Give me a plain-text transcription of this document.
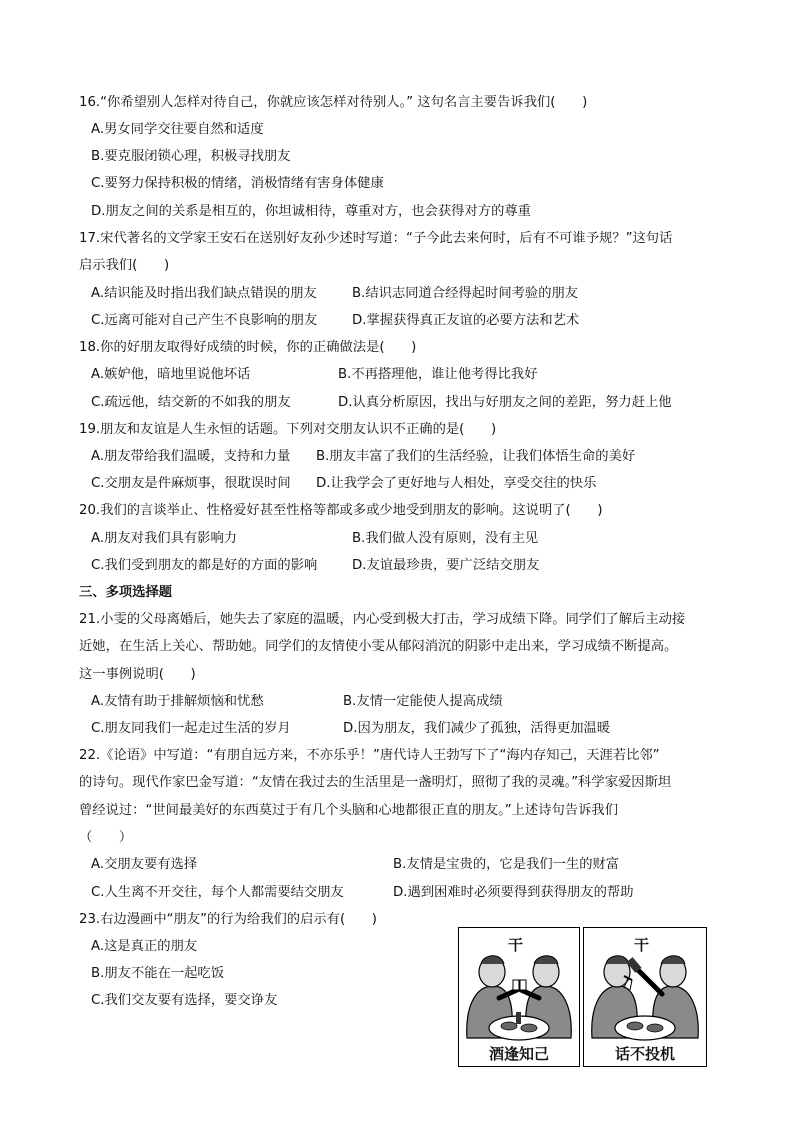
16.“你希望别人怎样对待自己，你就应该怎样对待别人。” 这句名言主要告诉我们(　　)
A.男女同学交往要自然和适度
B.要克服闭锁心理，积极寻找朋友
C.要努力保持积极的情绪，消极情绪有害身体健康
D.朋友之间的关系是相互的，你坦诚相待，尊重对方，也会获得对方的尊重
17.宋代著名的文学家王安石在送别好友孙少述时写道：“子今此去来何时，后有不可谁予规？”这句话
启示我们(　　)
A.结识能及时指出我们缺点错误的朋友	B.结识志同道合经得起时间考验的朋友
C.远离可能对自己产生不良影响的朋友	D.掌握获得真正友谊的必要方法和艺术
18.你的好朋友取得好成绩的时候，你的正确做法是(　　)
A.嫉妒他，暗地里说他坏话	B.不再搭理他，谁让他考得比我好
C.疏远他，结交新的不如我的朋友	D.认真分析原因，找出与好朋友之间的差距，努力赶上他
19.朋友和友谊是人生永恒的话题。下列对交朋友认识不正确的是(　　)
A.朋友带给我们温暖，支持和力量 B.朋友丰富了我们的生活经验，让我们体悟生命的美好
C.交朋友是件麻烦事，很耽误时间 D.让我学会了更好地与人相处，享受交往的快乐
20.我们的言谈举止、性格爱好甚至性格等都或多或少地受到朋友的影响。这说明了(　　)
A.朋友对我们具有影响力	B.我们做人没有原则，没有主见
C.我们受到朋友的都是好的方面的影响	D.友谊最珍贵，要广泛结交朋友
三、多项选择题
21.小雯的父母离婚后，她失去了家庭的温暖，内心受到极大打击，学习成绩下降。同学们了解后主动接
近她，在生活上关心、帮助她。同学们的友情使小雯从郁闷消沉的阴影中走出来，学习成绩不断提高。
这一事例说明(　　)
A.友情有助于排解烦恼和忧愁	B.友情一定能使人提高成绩
C.朋友同我们一起走过生活的岁月	D.因为朋友，我们减少了孤独，活得更加温暖
22.《论语》中写道：“有朋自远方来，不亦乐乎！”唐代诗人王勃写下了“海内存知己，天涯若比邻”
的诗句。现代作家巴金写道：“友情在我过去的生活里是一盏明灯，照彻了我的灵魂。”科学家爱因斯坦
曾经说过：“世间最美好的东西莫过于有几个头脑和心地都很正直的朋友。”上述诗句告诉我们
（　　）
A.交朋友要有选择	B.友情是宝贵的，它是我们一生的财富
C.人生离不开交往，每个人都需要结交朋友	D.遇到困难时必须要得到获得朋友的帮助
23.右边漫画中“朋友”的行为给我们的启示有(　　)
A.这是真正的朋友
B.朋友不能在一起吃饭
C.我们交友要有选择，要交诤友
干
酒逢知己
干
话不投机
